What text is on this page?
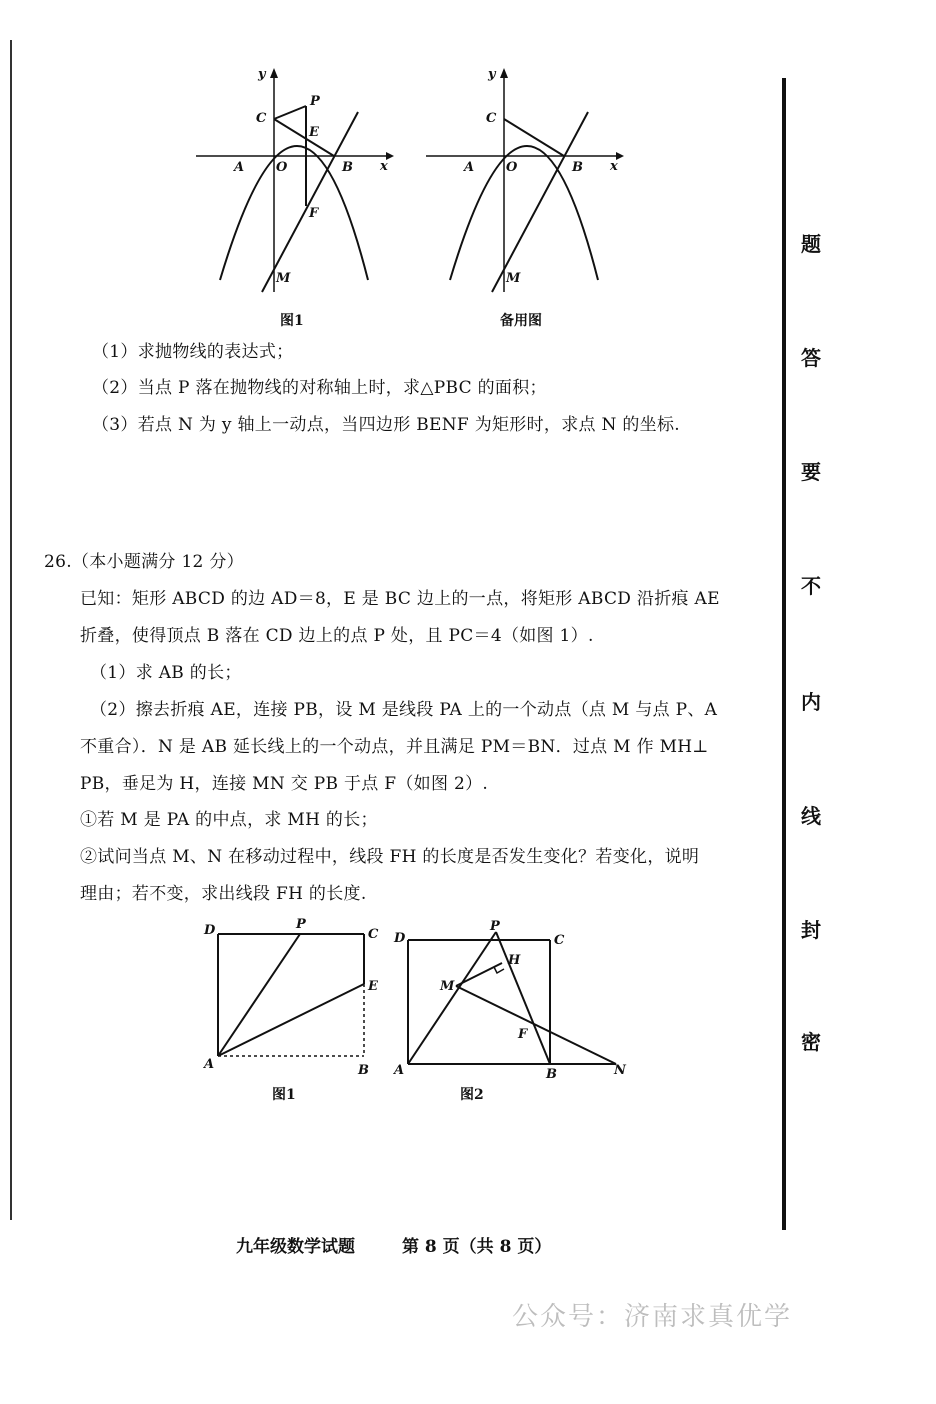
y
C
P
E
A O	B x
F
M
图1
y
C
A O	B x
M
备用图
（1）求抛物线的表达式；
（2）当点 P 落在抛物线的对称轴上时，求△PBC 的面积；
（3）若点 N 为 y 轴上一动点，当四边形 BENF 为矩形时，求点 N 的坐标.
26.（本小题满分 12 分）
已知：矩形 ABCD 的边 AD＝8，E 是 BC 边上的一点，将矩形 ABCD 沿折痕 AE
折叠，使得顶点 B 落在 CD 边上的点 P 处，且 PC＝4（如图 1）.
（1）求 AB 的长；
（2）擦去折痕 AE，连接 PB，设 M 是线段 PA 上的一个动点（点 M 与点 P、A
不重合）．N 是 AB 延长线上的一个动点，并且满足 PM＝BN．过点 M 作 MH⊥
PB，垂足为 H，连接 MN 交 PB 于点 F（如图 2）.
①若 M 是 PA 的中点，求 MH 的长；
②试问当点 M、N 在移动过程中，线段 FH 的长度是否发生变化？若变化，说明
理由；若不变，求出线段 FH 的长度.
D	P
C
E
A	B
图1
D
P
C
H
M
F
A	B	N
图2
题
答
要
不
内
线
封
密
九年级数学试题	第 8 页（共 8 页）
公众号：济南求真优学
